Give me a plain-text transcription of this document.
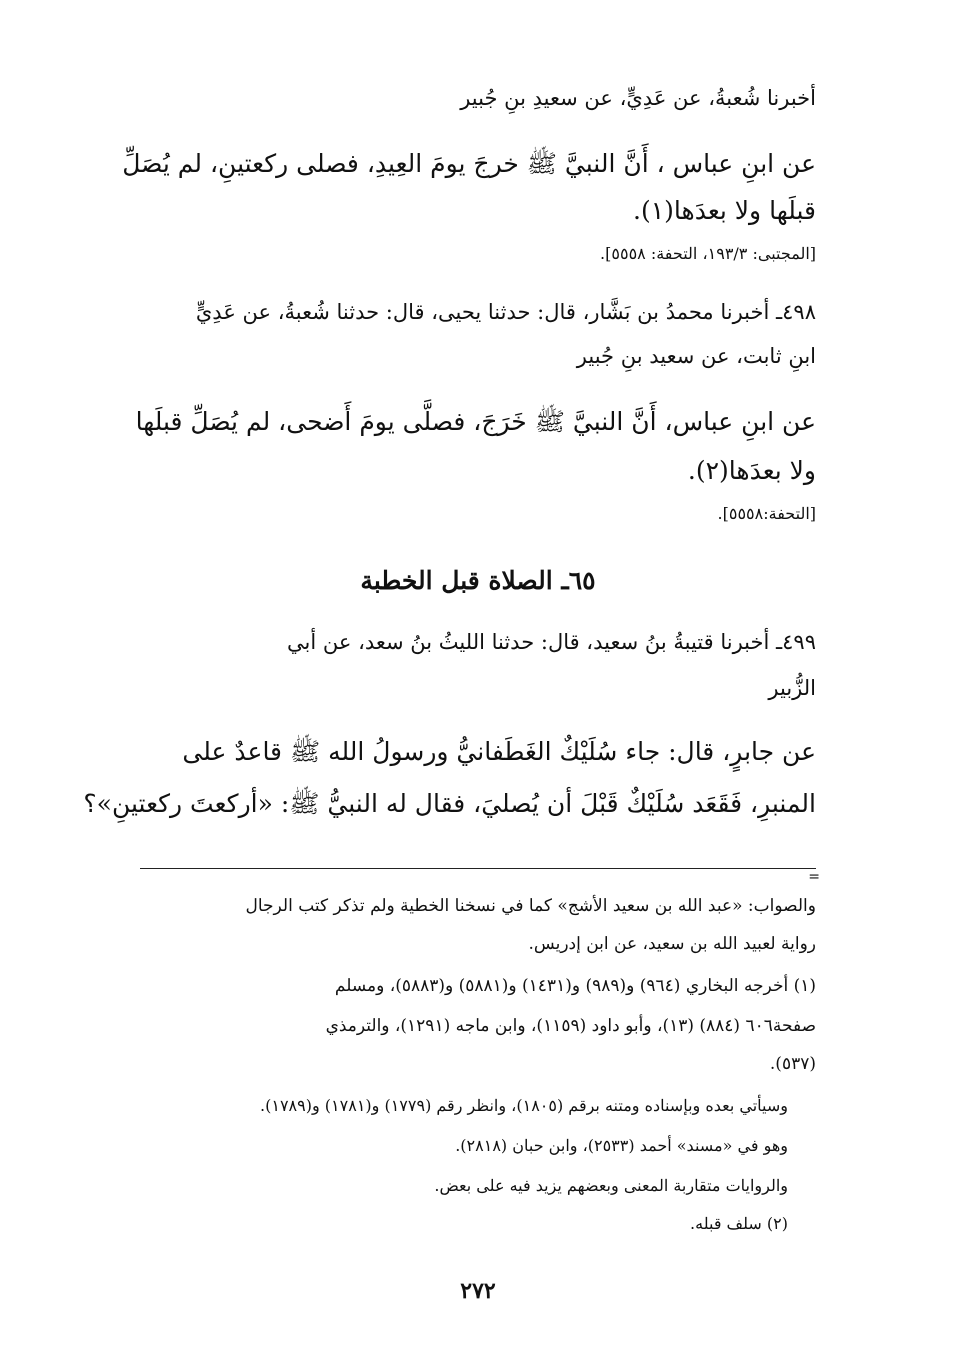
أخبرنا شُعبةُ، عن عَدِيٍّ، عن سعيدِ بنِ جُبير
عن ابنِ عباس ، أَنَّ النبيَّ ﷺ خرجَ يومَ العِيدِ، فصلى ركعتينِ، لم يُصَلِّ
قبلَها ولا بعدَها(١).
[المجتبى: ١٩٣/٣، التحفة: ٥٥٥٨].
٤٩٨ـ أخبرنا محمدُ بن بَشَّار، قال: حدثنا يحيى، قال: حدثنا شُعبةُ، عن عَدِيٍّ
ابنِ ثابت، عن سعيد بنِ جُبير
عن ابنِ عباس، أَنَّ النبيَّ ﷺ خَرَجَ، فصلَّى يومَ أَضحى، لم يُصَلِّ قبلَها
ولا بعدَها(٢).
[التحفة:٥٥٥٨].
٦٥ـ الصلاة قبل الخطبة
٤٩٩ـ أخبرنا قتيبةُ بنُ سعيد، قال: حدثنا الليثُ بنُ سعد، عن أبي
الزُّبير
عن جابرٍ، قال: جاء سُلَيْكٌ الغَطَفانيُّ ورسولُ الله ﷺ قاعدٌ على
المنبرِ، فَقَعَد سُلَيْكٌ قَبْلَ أن يُصليَ، فقال له النبيُّ ﷺ: «أركعتَ ركعتينِ»؟
=
والصواب: «عبد الله بن سعيد الأشج» كما في نسخنا الخطية ولم تذكر كتب الرجال
رواية لعبيد الله بن سعيد، عن ابن إدريس.
(١) أخرجه البخاري (٩٦٤) و(٩٨٩) و(١٤٣١) و(٥٨٨١) و(٥٨٨٣)، ومسلم
صفحة٦٠٦ (٨٨٤) (١٣)، وأبو داود (١١٥٩)، وابن ماجه (١٢٩١)، والترمذي
(٥٣٧).
وسيأتي بعده وبإسناده ومتنه برقم (١٨٠٥)، وانظر رقم (١٧٧٩) و(١٧٨١) و(١٧٨٩).
وهو في «مسند» أحمد (٢٥٣٣)، وابن حبان (٢٨١٨).
والروايات متقاربة المعنى وبعضهم يزيد فيه على بعض.
(٢) سلف قبله.
٢٧٢
